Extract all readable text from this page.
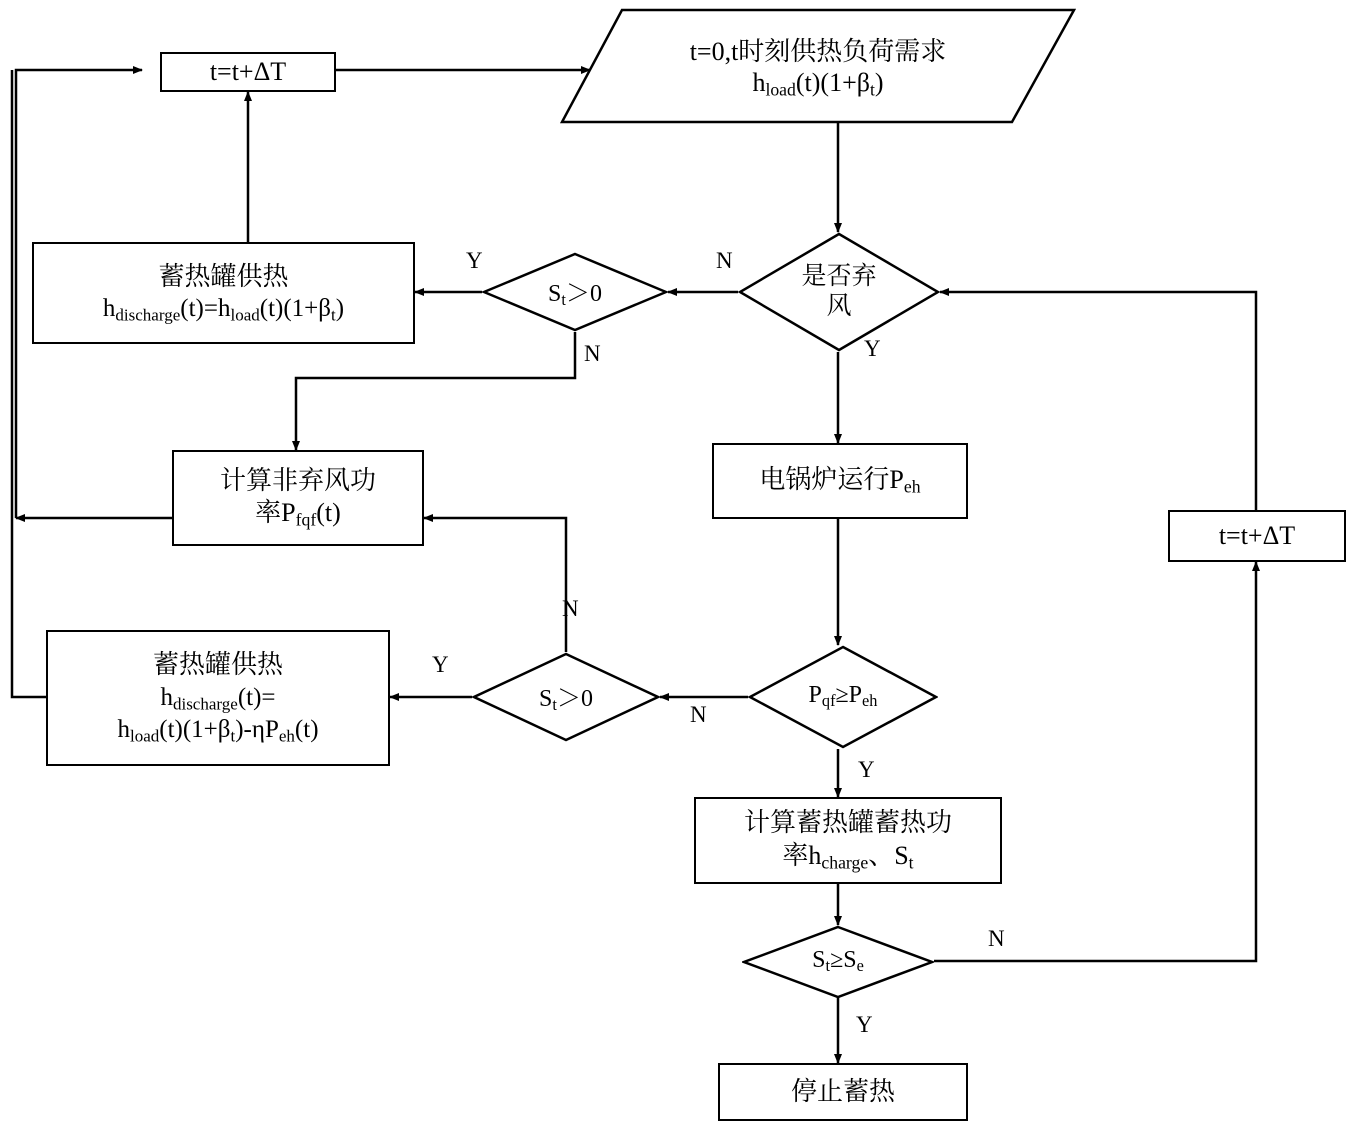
t=t+ΔT
t=0,t时刻供热负荷需求
$h_{load}(t)(1+\beta_t)$
是否弃
风
$S_t>0$
蓄热罐供热
$h_{discharge}(t)=h_{load}(t)(1+\beta_t)$
计算非弃风功
率$P_{fqf}(t)$
电锅炉运行$P_{eh}$
t=t+ΔT
蓄热罐供热
$h_{discharge}(t)=$
$h_{load}(t)(1+\beta_t)-\eta P_{eh}(t)$
$S_t>0$	$P_{qf}\ge P_{eh}$
计算蓄热罐蓄热功
率$h_{charge}$、$S_t$
$S_t\ge S_e$
停止蓄热
Y	N
N	Y
N
Y
N
Y
N
Y
